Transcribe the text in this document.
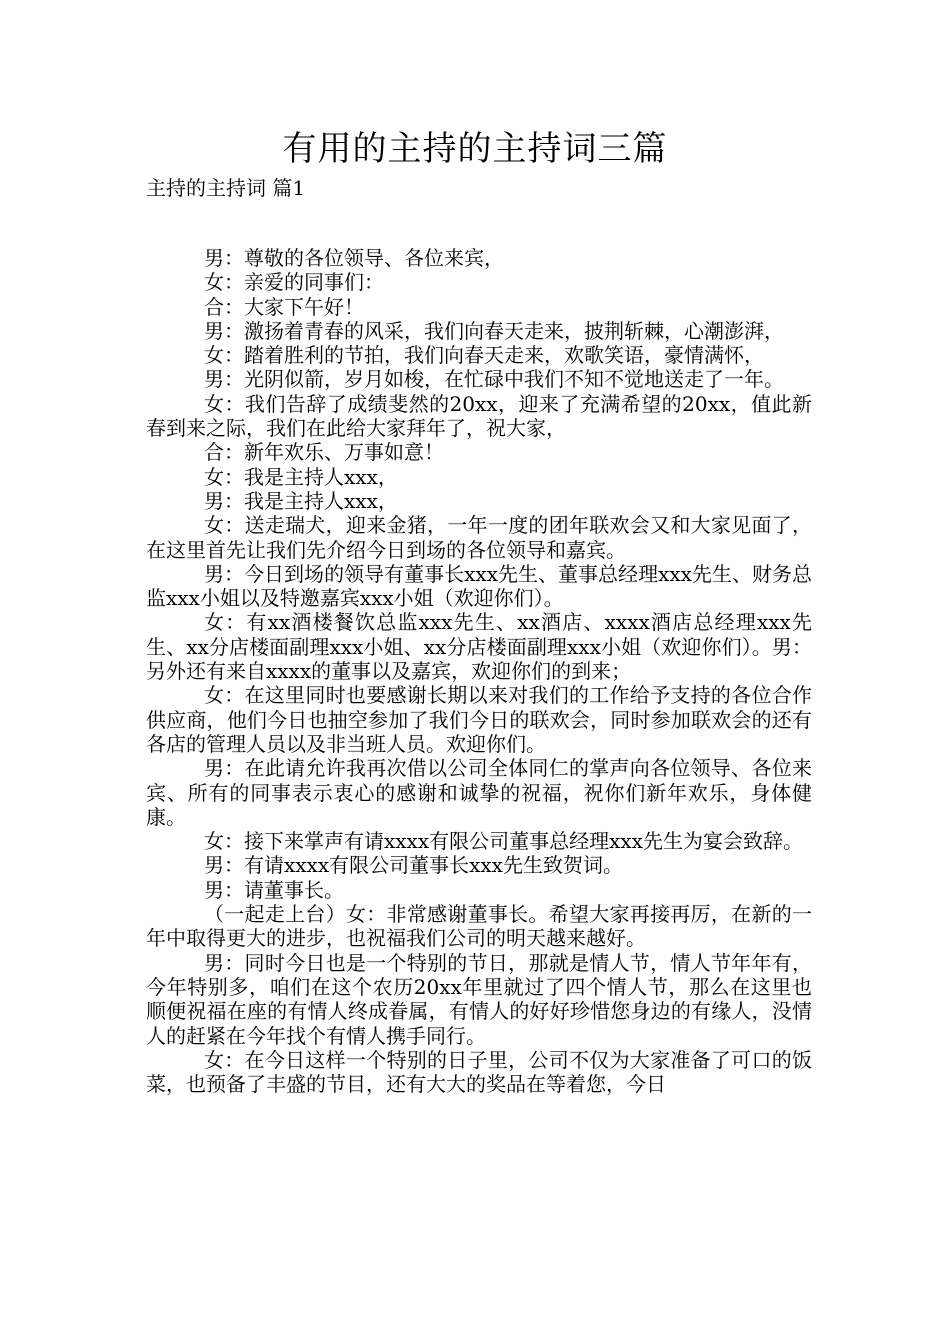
有用的主持的主持词三篇
主持的主持词 篇1

男：尊敬的各位领导、各位来宾，

女：亲爱的同事们：

合：大家下午好！

男：激扬着青春的风采，我们向春天走来，披荆斩棘，心潮澎湃，

女：踏着胜利的节拍，我们向春天走来，欢歌笑语，豪情满怀，

男：光阴似箭，岁月如梭，在忙碌中我们不知不觉地送走了一年。

女：我们告辞了成绩斐然的20xx，迎来了充满希望的20xx，值此新春到来之际，我们在此给大家拜年了，祝大家，

合：新年欢乐、万事如意！

女：我是主持人xxx，

男：我是主持人xxx，

女：送走瑞犬，迎来金猪，一年一度的团年联欢会又和大家见面了，在这里首先让我们先介绍今日到场的各位领导和嘉宾。

男：今日到场的领导有董事长xxx先生、董事总经理xxx先生、财务总监xxx小姐以及特邀嘉宾xxx小姐（欢迎你们）。

女：有xx酒楼餐饮总监xxx先生、xx酒店、xxxx酒店总经理xxx先生、xx分店楼面副理xxx小姐、xx分店楼面副理xxx小姐（欢迎你们）。男：另外还有来自xxxx的董事以及嘉宾，欢迎你们的到来；

女：在这里同时也要感谢长期以来对我们的工作给予支持的各位合作供应商，他们今日也抽空参加了我们今日的联欢会，同时参加联欢会的还有各店的管理人员以及非当班人员。欢迎你们。

男：在此请允许我再次借以公司全体同仁的掌声向各位领导、各位来宾、所有的同事表示衷心的感谢和诚挚的祝福，祝你们新年欢乐，身体健康。

女：接下来掌声有请xxxx有限公司董事总经理xxx先生为宴会致辞。

男：有请xxxx有限公司董事长xxx先生致贺词。

男：请董事长。

（一起走上台）女：非常感谢董事长。希望大家再接再厉，在新的一年中取得更大的进步，也祝福我们公司的明天越来越好。

男：同时今日也是一个特别的节日，那就是情人节，情人节年年有，今年特别多，咱们在这个农历20xx年里就过了四个情人节，那么在这里也顺便祝福在座的有情人终成眷属，有情人的好好珍惜您身边的有缘人，没情人的赶紧在今年找个有情人携手同行。

女：在今日这样一个特别的日子里，公司不仅为大家准备了可口的饭菜，也预备了丰盛的节目，还有大大的奖品在等着您，今日
